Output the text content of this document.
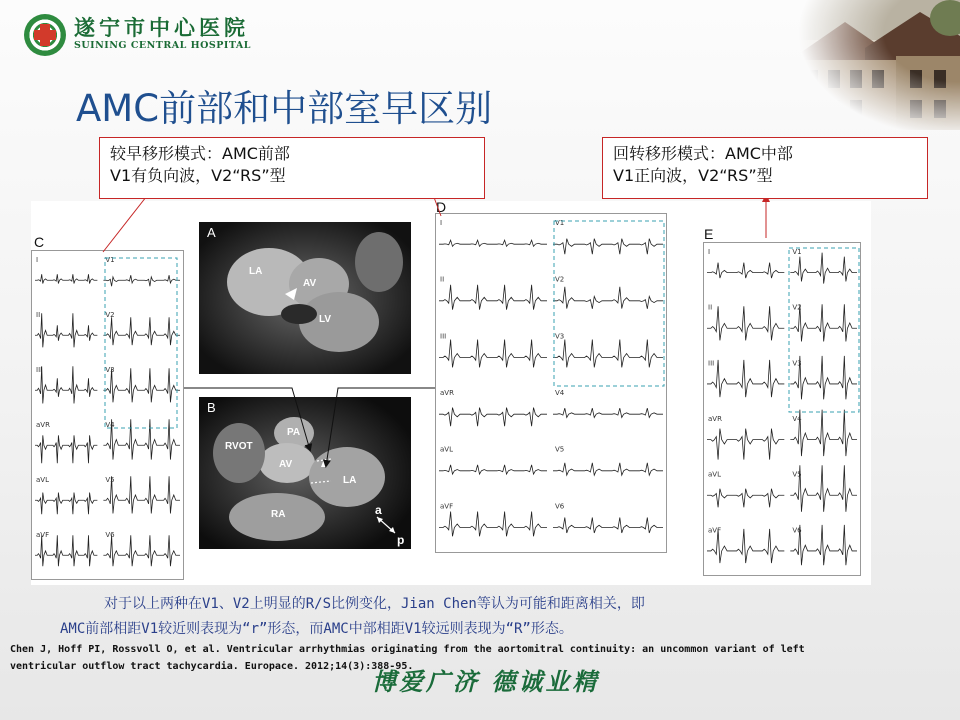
遂宁市中心医院
SUINING CENTRAL HOSPITAL
AMC前部和中部室早区别
I	V1
II	V2
III	V3
aVR	V4
aVL	V5
aVF	V6
C
A
LA
AV
LV
B
PA
RVOT
AV
LA
RA	a
p
I	V1
II	V2
III	V3
aVR	V4
aVL	V5
aVF	V6
D
I	V1
II	V2
III	V3
aVR	V4
aVL	V5
aVF	V6
E
较早移形模式：AMC前部
V1有负向波，V2“RS”型
回转移形模式：AMC中部
V1正向波，V2“RS”型
对于以上两种在V1、V2上明显的R/S比例变化，Jian Chen等认为可能和距离相关，即
AMC前部相距V1较近则表现为“r”形态，而AMC中部相距V1较远则表现为“R”形态。
Chen J, Hoff PI, Rossvoll O, et al. Ventricular arrhythmias originating from the aortomitral continuity: an uncommon variant of left
ventricular outflow tract tachycardia. Europace. 2012;14(3):388-95.
博爱广济 德诚业精
